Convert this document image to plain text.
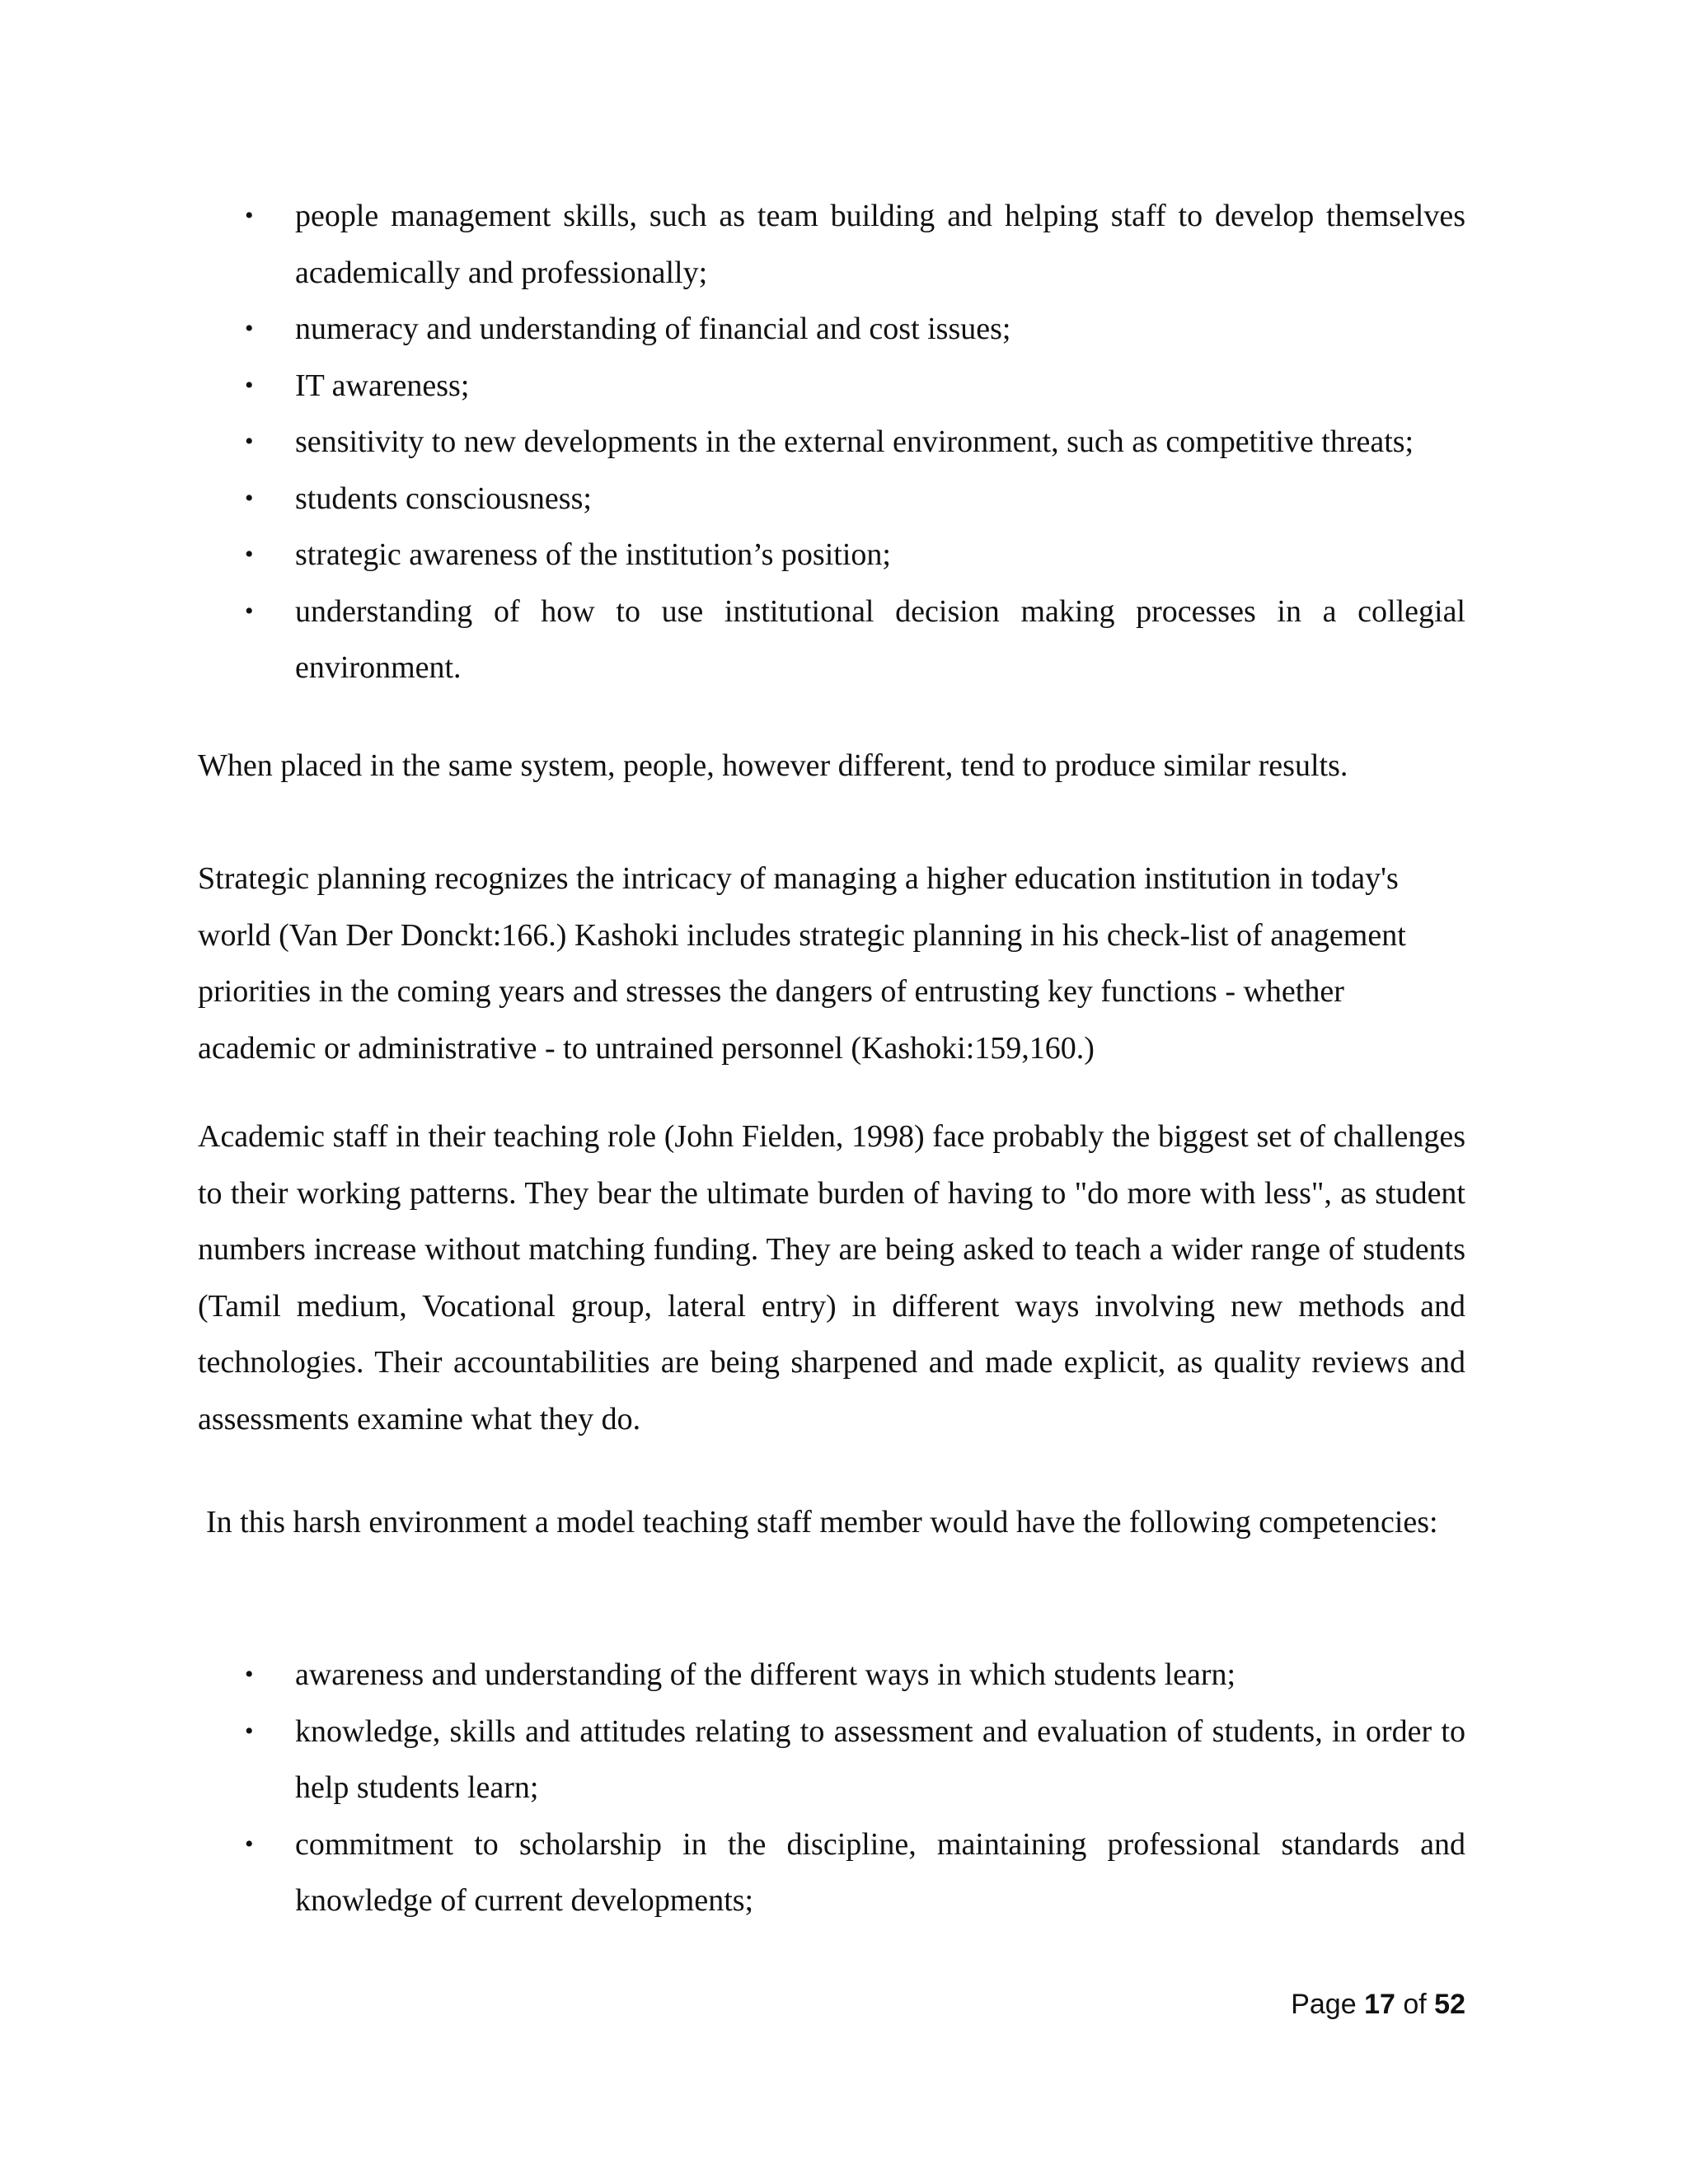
• people management skills, such as team building and helping staff to develop themselves academically and professionally;
• numeracy and understanding of financial and cost issues;
• IT awareness;
• sensitivity to new developments in the external environment, such as competitive threats;
• students consciousness;
• strategic awareness of the institution’s position;
• understanding of how to use institutional decision making processes in a collegial environment.

When placed in the same system, people, however different, tend to produce similar results.

Strategic planning recognizes the intricacy of managing a higher education institution in today's
world (Van Der Donckt:166.) Kashoki includes strategic planning in his check-list of anagement
priorities in the coming years and stresses the dangers of entrusting key functions - whether
academic or administrative - to untrained personnel (Kashoki:159,160.)

Academic staff in their teaching role (John Fielden, 1998) face probably the biggest set of challenges to their working patterns. They bear the ultimate burden of having to "do more with less", as student numbers increase without matching funding. They are being asked to teach a wider range of students (Tamil medium, Vocational group, lateral entry) in different ways involving new methods and technologies. Their accountabilities are being sharpened and made explicit, as quality reviews and assessments examine what they do.

In this harsh environment a model teaching staff member would have the following competencies:

• awareness and understanding of the different ways in which students learn;
• knowledge, skills and attitudes relating to assessment and evaluation of students, in order to help students learn;
• commitment to scholarship in the discipline, maintaining professional standards and knowledge of current developments;
Page 17 of 52
